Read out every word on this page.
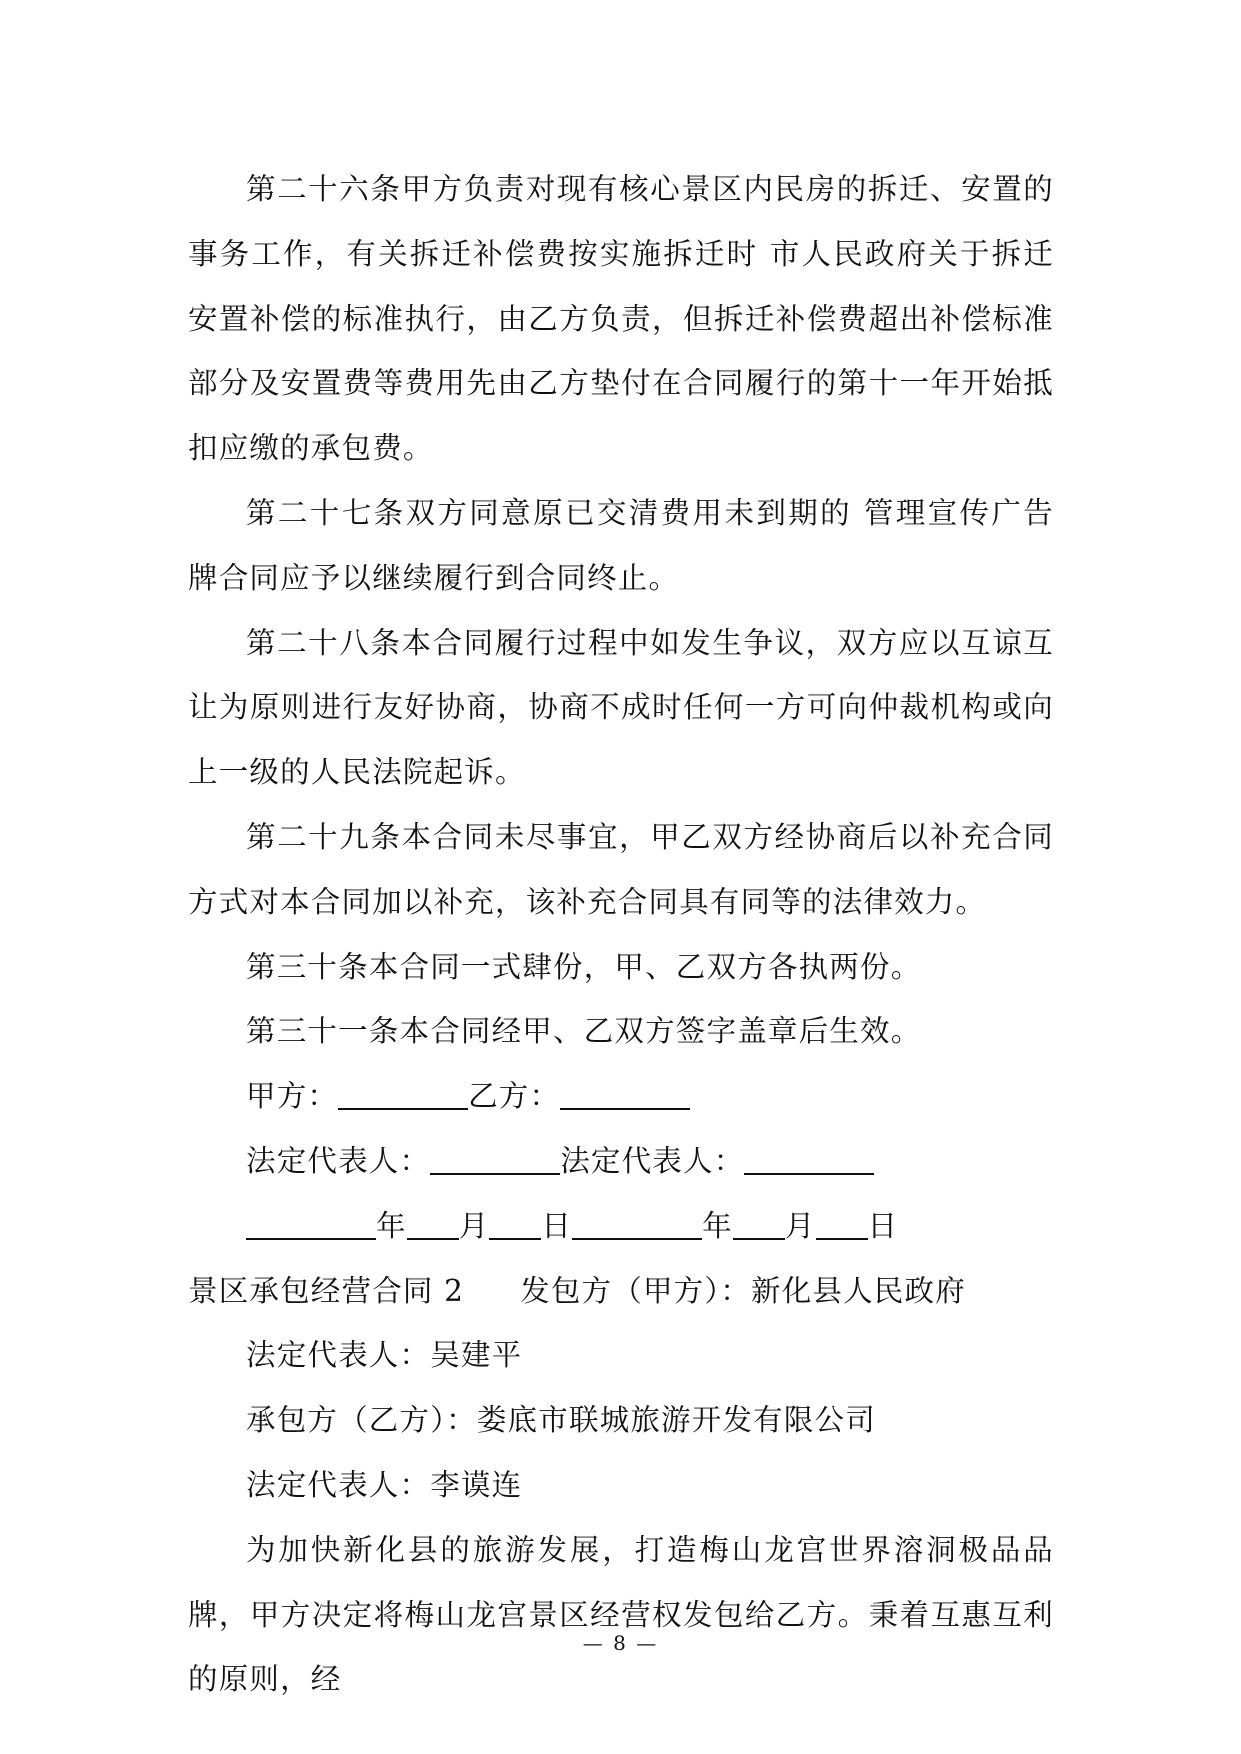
第二十六条甲方负责对现有核心景区内民房的拆迁、安置的事务工作，有关拆迁补偿费按实施拆迁时 市人民政府关于拆迁安置补偿的标准执行，由乙方负责，但拆迁补偿费超出补偿标准部分及安置费等费用先由乙方垫付在合同履行的第十一年开始抵扣应缴的承包费。

第二十七条双方同意原已交清费用未到期的 管理宣传广告牌合同应予以继续履行到合同终止。

第二十八条本合同履行过程中如发生争议，双方应以互谅互让为原则进行友好协商，协商不成时任何一方可向仲裁机构或向上一级的人民法院起诉。

第二十九条本合同未尽事宜，甲乙双方经协商后以补充合同方式对本合同加以补充，该补充合同具有同等的法律效力。

第三十条本合同一式肆份，甲、乙双方各执两份。

第三十一条本合同经甲、乙双方签字盖章后生效。

甲方：	乙方：

法定代表人：	法定代表人：

年 月 日	年 月 日

景区承包经营合同 2 发包方（甲方）：新化县人民政府

法定代表人：吴建平

承包方（乙方）：娄底市联城旅游开发有限公司

法定代表人：李谟连

为加快新化县的旅游发展，打造梅山龙宫世界溶洞极品品牌，甲方决定将梅山龙宫景区经营权发包给乙方。秉着互惠互利的原则，经

— 8 —
